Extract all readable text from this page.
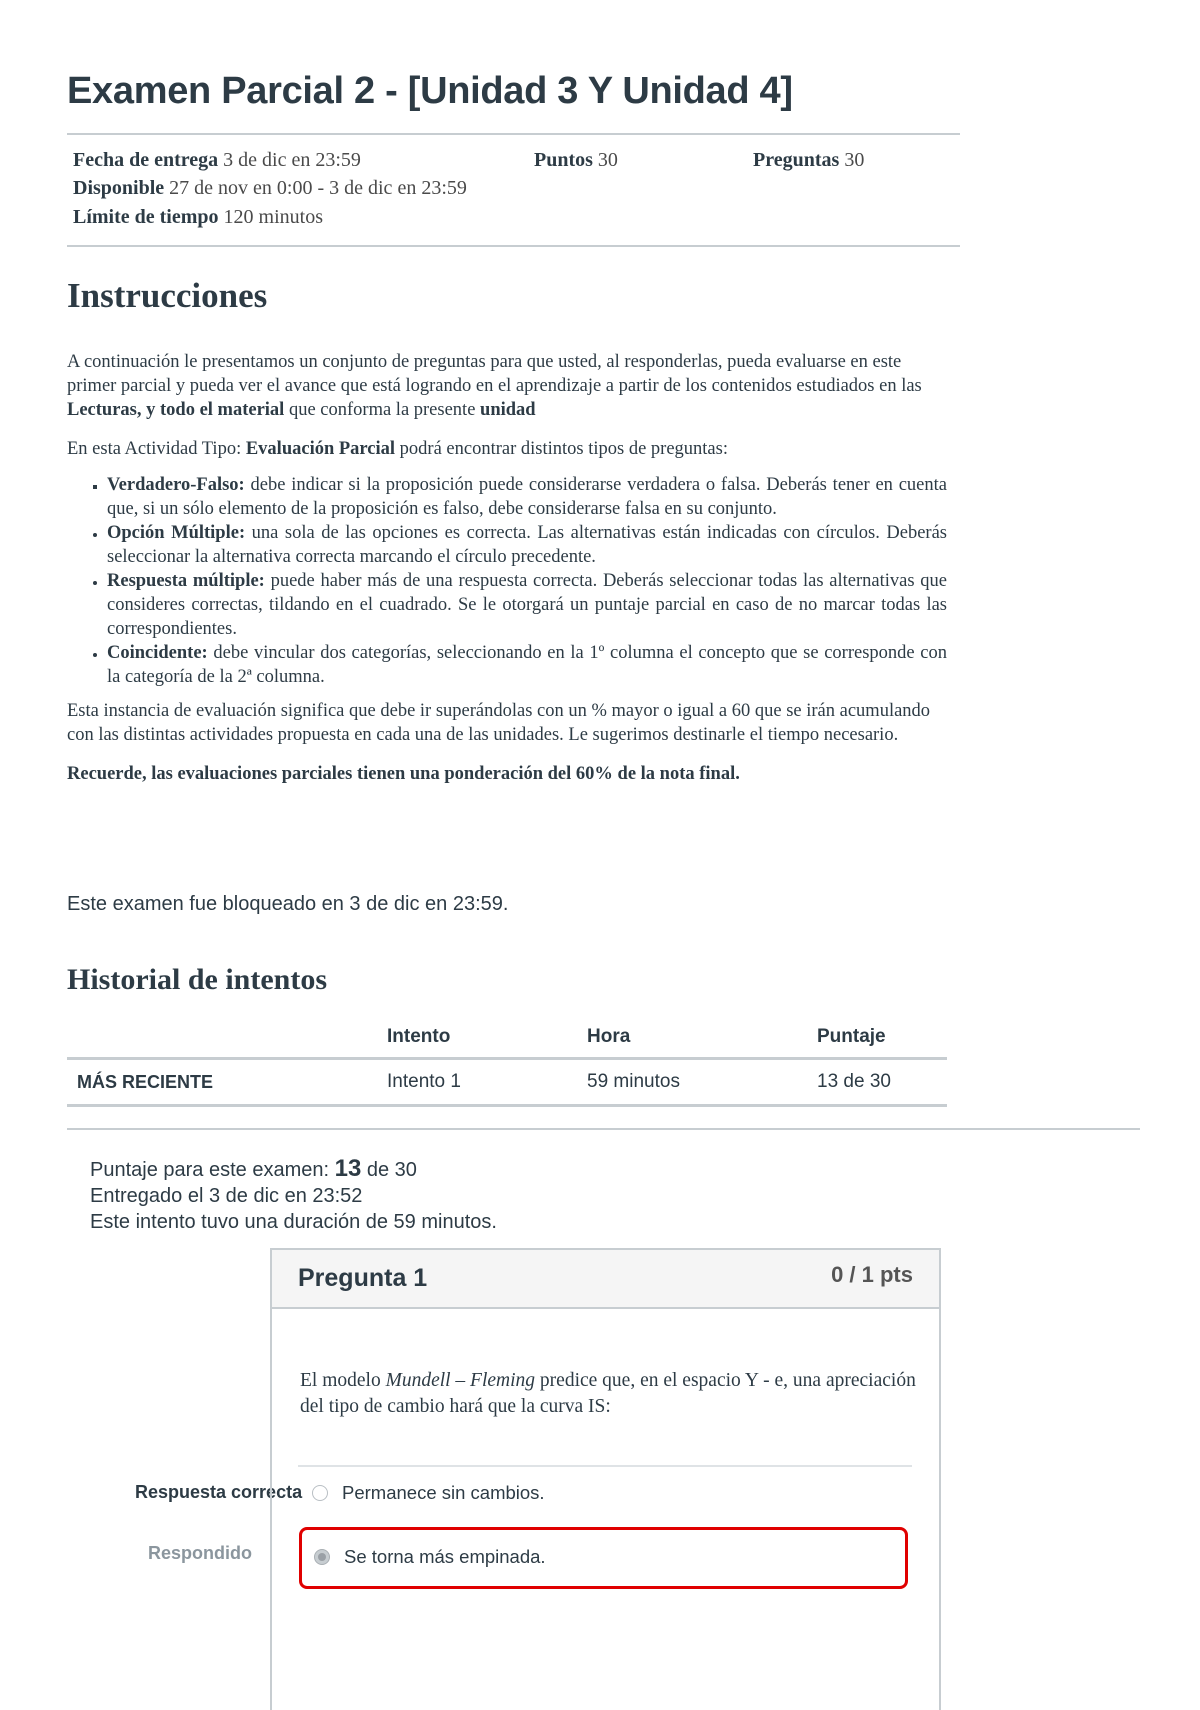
Examen Parcial 2 - [Unidad 3 Y Unidad 4]
Fecha de entrega 3 de dic en 23:59	Puntos 30	Preguntas 30
Disponible 27 de nov en 0:00 - 3 de dic en 23:59
Límite de tiempo 120 minutos
Instrucciones

A continuación le presentamos un conjunto de preguntas para que usted, al responderlas, pueda evaluarse en este primer parcial y pueda ver el avance que está logrando en el aprendizaje a partir de los contenidos estudiados en las Lecturas, y todo el material que conforma la presente unidad

En esta Actividad Tipo: Evaluación Parcial podrá encontrar distintos tipos de preguntas:

▪ Verdadero-Falso: debe indicar si la proposición puede considerarse verdadera o falsa. Deberás tener en cuenta que, si un sólo elemento de la proposición es falso, debe considerarse falsa en su conjunto.
• Opción Múltiple: una sola de las opciones es correcta. Las alternativas están indicadas con círculos. Deberás seleccionar la alternativa correcta marcando el círculo precedente.
• Respuesta múltiple: puede haber más de una respuesta correcta. Deberás seleccionar todas las alternativas que consideres correctas, tildando en el cuadrado. Se le otorgará un puntaje parcial en caso de no marcar todas las correspondientes.
• Coincidente: debe vincular dos categorías, seleccionando en la 1º columna el concepto que se corresponde con la categoría de la 2ª columna.

Esta instancia de evaluación significa que debe ir superándolas con un % mayor o igual a 60 que se irán acumulando con las distintas actividades propuesta en cada una de las unidades. Le sugerimos destinarle el tiempo necesario.

Recuerde, las evaluaciones parciales tienen una ponderación del 60% de la nota final.

Este examen fue bloqueado en 3 de dic en 23:59.
Historial de intentos
	Intento	Hora	Puntaje
MÁS RECIENTE	Intento 1	59 minutos	13 de 30
Puntaje para este examen: 13 de 30
Entregado el 3 de dic en 23:52
Este intento tuvo una duración de 59 minutos.
Respuesta correcta
Respondido
Pregunta 1	0 / 1 pts
El modelo Mundell – Fleming predice que, en el espacio Y - e, una apreciación del tipo de cambio hará que la curva IS:
Permanece sin cambios.
Se torna más empinada.
